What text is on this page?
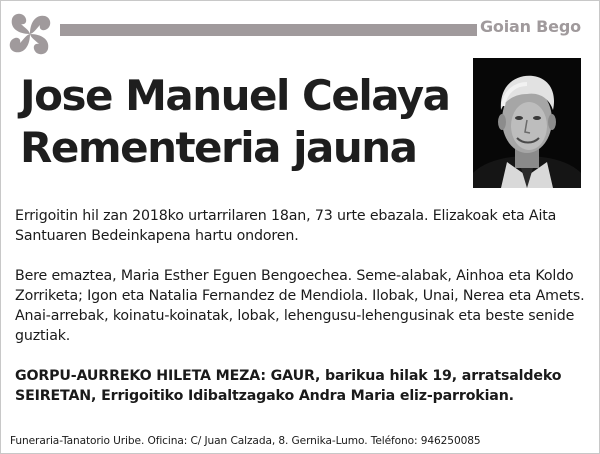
Goian Bego
Jose Manuel Celaya
Rementeria jauna
Errigoitin hil zan 2018ko urtarrilaren 18an, 73 urte ebazala. Elizakoak eta Aita Santuaren Bedeinkapena hartu ondoren.
Bere emaztea, Maria Esther Eguen Bengoechea. Seme-alabak, Ainhoa eta Koldo Zorriketa; Igon eta Natalia Fernandez de Mendiola. Ilobak, Unai, Nerea eta Amets. Anai-arrebak, koinatu-koinatak, lobak, lehengusu-lehengusinak eta beste senide guztiak.
GORPU-AURREKO HILETA MEZA: GAUR, barikua hilak 19, arratsaldeko SEIRETAN, Errigoitiko Idibaltzagako Andra Maria eliz-parrokian.
Funeraria-Tanatorio Uribe. Oficina: C/ Juan Calzada, 8. Gernika-Lumo. Teléfono: 946250085
